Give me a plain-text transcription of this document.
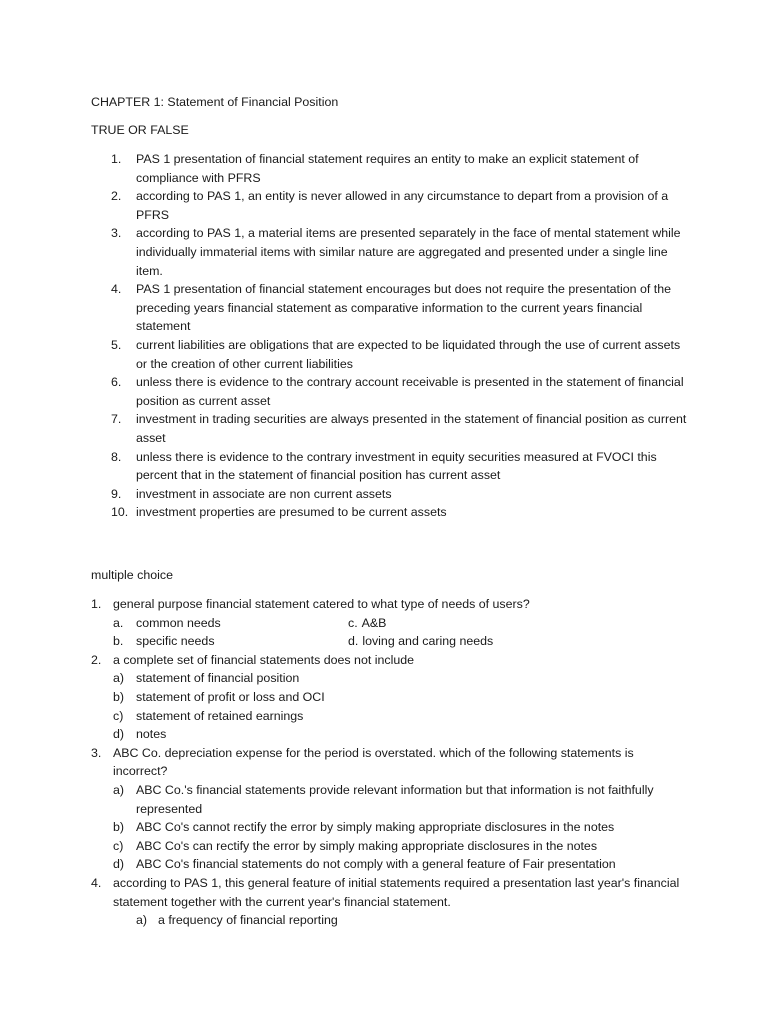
CHAPTER 1: Statement of Financial Position
TRUE OR FALSE
1.	PAS 1 presentation of financial statement requires an entity to make an explicit statement of compliance with PFRS
2.	according to PAS 1, an entity is never allowed in any circumstance to depart from a provision of a PFRS
3.	according to PAS 1, a material items are presented separately in the face of mental statement while individually immaterial items with similar nature are aggregated and presented under a single line item.
4.	PAS 1 presentation of financial statement encourages but does not require the presentation of the preceding years financial statement as comparative information to the current years financial statement
5.	current liabilities are obligations that are expected to be liquidated through the use of current assets or the creation of other current liabilities
6.	unless there is evidence to the contrary account receivable is presented in the statement of financial position as current asset
7.	investment in trading securities are always presented in the statement of financial position as current asset
8.	unless there is evidence to the contrary investment in equity securities measured at FVOCI this percent that in the statement of financial position has current asset
9.	investment in associate are non current assets
10. investment properties are presumed to be current assets
multiple choice
1. general purpose financial statement catered to what type of needs of users?
a. common needs	c. A&B
b. specific needs	d. loving and caring needs
2. a complete set of financial statements does not include
a) statement of financial position
b) statement of profit or loss and OCI
c)	statement of retained earnings
d) notes
3. ABC Co. depreciation expense for the period is overstated. which of the following statements is incorrect?
a) ABC Co.'s financial statements provide relevant information but that information is not faithfully represented
b) ABC Co's cannot rectify the error by simply making appropriate disclosures in the notes
c)	ABC Co's can rectify the error by simply making appropriate disclosures in the notes
d) ABC Co's financial statements do not comply with a general feature of Fair presentation
4. according to PAS 1, this general feature of initial statements required a presentation last year's financial statement together with the current year's financial statement.
a) a frequency of financial reporting
